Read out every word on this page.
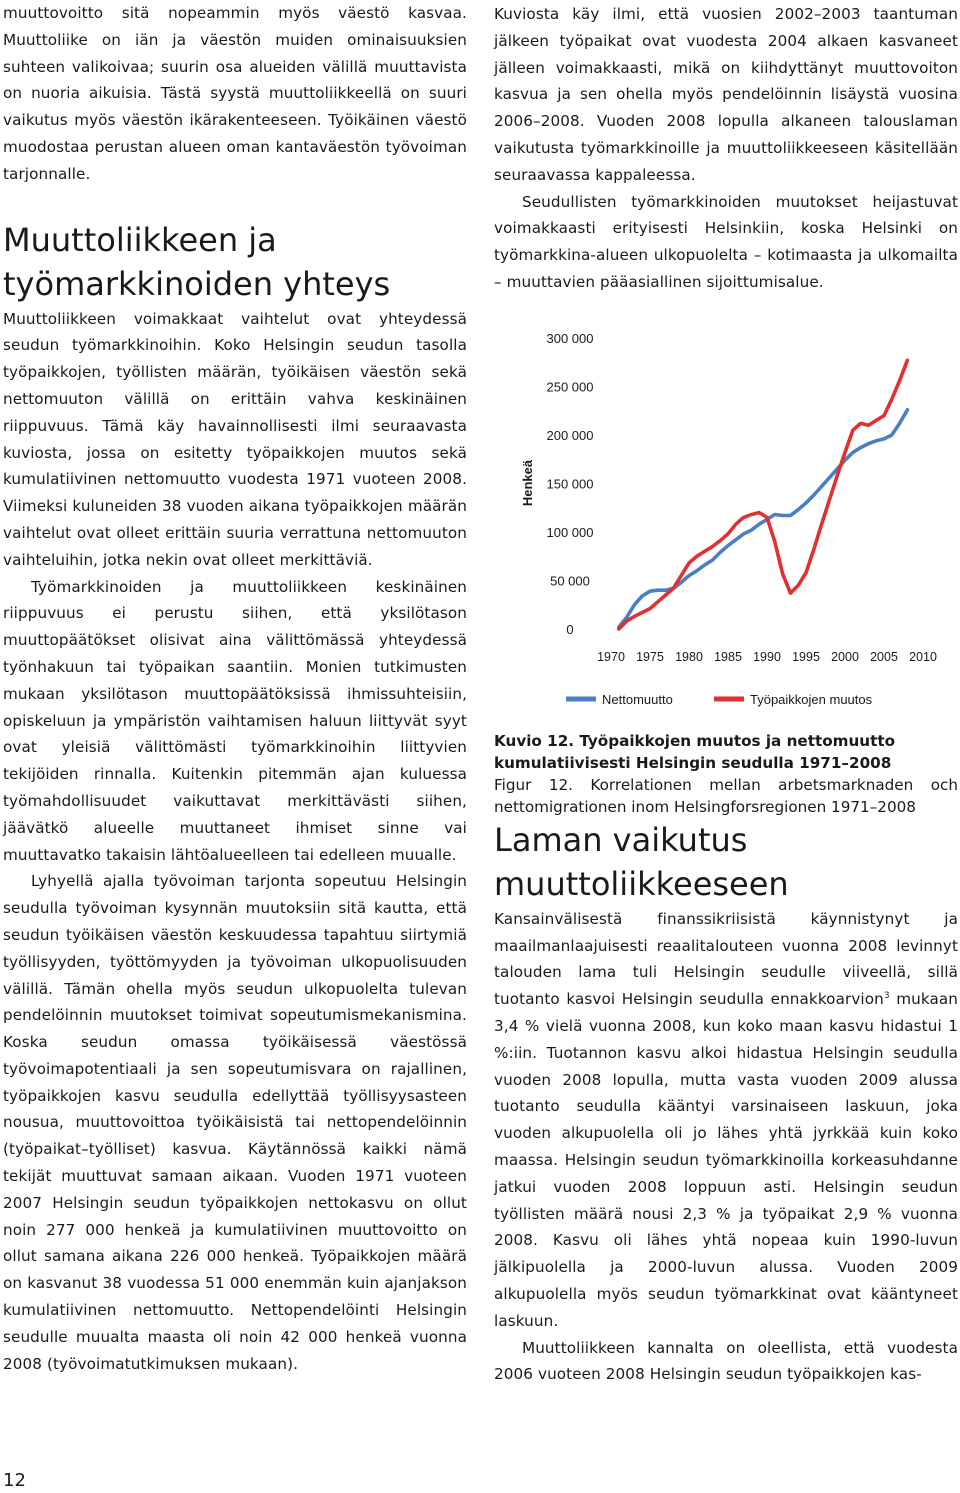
muuttovoitto sitä nopeammin myös väestö kasvaa. Muuttoliike on iän ja väestön muiden ominaisuuksien suhteen valikoivaa; suurin osa alueiden välillä muuttavista on nuoria aikuisia. Tästä syystä muuttoliikkeellä on suuri vaikutus myös väestön ikärakenteeseen. Työikäinen väestö muodostaa perustan alueen oman kantaväestön työvoiman tarjonnalle.

Muuttoliikkeen ja työmarkkinoiden yhteys

Muuttoliikkeen voimakkaat vaihtelut ovat yhteydessä seudun työmarkkinoihin. Koko Helsingin seudun tasolla työpaikkojen, työllisten määrän, työikäisen väestön sekä nettomuuton välillä on erittäin vahva keskinäinen riippuvuus. Tämä käy havainnollisesti ilmi seuraavasta kuviosta, jossa on esitetty työpaikkojen muutos sekä kumulatiivinen nettomuutto vuodesta 1971 vuoteen 2008. Viimeksi kuluneiden 38 vuoden aikana työpaikkojen määrän vaihtelut ovat olleet erittäin suuria verrattuna nettomuuton vaihteluihin, jotka nekin ovat olleet merkittäviä.

Työmarkkinoiden ja muuttoliikkeen keskinäinen riippuvuus ei perustu siihen, että yksilötason muuttopäätökset olisivat aina välittömässä yhteydessä työnhakuun tai työpaikan saantiin. Monien tutkimusten mukaan yksilötason muuttopäätöksissä ihmissuhteisiin, opiskeluun ja ympäristön vaihtamisen haluun liittyvät syyt ovat yleisiä välittömästi työmarkkinoihin liittyvien tekijöiden rinnalla. Kuitenkin pitemmän ajan kuluessa työmahdollisuudet vaikuttavat merkittävästi siihen, jäävätkö alueelle muuttaneet ihmiset sinne vai muuttavatko takaisin lähtöalueelleen tai edelleen muualle.

Lyhyellä ajalla työvoiman tarjonta sopeutuu Helsingin seudulla työvoiman kysynnän muutoksiin sitä kautta, että seudun työikäisen väestön keskuudessa tapahtuu siirtymiä työllisyyden, työttömyyden ja työvoiman ulkopuolisuuden välillä. Tämän ohella myös seudun ulkopuolelta tulevan pendelöinnin muutokset toimivat sopeutumismekanismina. Koska seudun omassa työikäisessä väestössä työvoimapotentiaali ja sen sopeutumisvara on rajallinen, työpaikkojen kasvu seudulla edellyttää työllisyysasteen nousua, muuttovoittoa työikäisistä tai nettopendelöinnin (työpaikat–työlliset) kasvua. Käytännössä kaikki nämä tekijät muuttuvat samaan aikaan. Vuoden 1971 vuoteen 2007 Helsingin seudun työpaikkojen nettokasvu on ollut noin 277 000 henkeä ja kumulatiivinen muuttovoitto on ollut samana aikana 226 000 henkeä. Työpaikkojen määrä on kasvanut 38 vuodessa 51 000 enemmän kuin ajanjakson kumulatiivinen nettomuutto. Nettopendelöinti Helsingin seudulle muualta maasta oli noin 42 000 henkeä vuonna 2008 (työvoimatutkimuksen mukaan).

Kuviosta käy ilmi, että vuosien 2002–2003 taantuman jälkeen työpaikat ovat vuodesta 2004 alkaen kasvaneet jälleen voimakkaasti, mikä on kiihdyttänyt muuttovoiton kasvua ja sen ohella myös pendelöinnin lisäystä vuosina 2006–2008. Vuoden 2008 lopulla alkaneen talouslaman vaikutusta työmarkkinoille ja muuttoliikkeeseen käsitellään seuraavassa kappaleessa.

Seudullisten työmarkkinoiden muutokset heijastuvat voimakkaasti erityisesti Helsinkiin, koska Helsinki on työmarkkina-alueen ulkopuolelta – kotimaasta ja ulkomailta – muuttavien pääasiallinen sijoittumisalue.

0
50 000
100 000
150 000
200 000
250 000
300 000
1970 1975 1980 1985 1990 1995 2000 2005 2010
Henkeä
Nettomuutto	Työpaikkojen muutos
Kuvio 12. Työpaikkojen muutos ja nettomuutto kumulatiivisesti Helsingin seudulla 1971–2008
Figur 12. Korrelationen mellan arbetsmarknaden och nettomigrationen inom Helsingforsregionen 1971–2008
Laman vaikutus muuttoliikkeeseen

Kansainvälisestä finanssikriisistä käynnistynyt ja maailmanlaajuisesti reaalitalouteen vuonna 2008 levinnyt talouden lama tuli Helsingin seudulle viiveellä, sillä tuotanto kasvoi Helsingin seudulla ennakkoarvion$^3$ mukaan 3,4 % vielä vuonna 2008, kun koko maan kasvu hidastui 1 %:iin. Tuotannon kasvu alkoi hidastua Helsingin seudulla vuoden 2008 lopulla, mutta vasta vuoden 2009 alussa tuotanto seudulla kääntyi varsinaiseen laskuun, joka vuoden alkupuolella oli jo lähes yhtä jyrkkää kuin koko maassa. Helsingin seudun työmarkkinoilla korkeasuhdanne jatkui vuoden 2008 loppuun asti. Helsingin seudun työllisten määrä nousi 2,3 % ja työpaikat 2,9 % vuonna 2008. Kasvu oli lähes yhtä nopeaa kuin 1990-luvun jälkipuolella ja 2000-luvun alussa. Vuoden 2009 alkupuolella myös seudun työmarkkinat ovat kääntyneet laskuun.

Muuttoliikkeen kannalta on oleellista, että vuodesta 2006 vuoteen 2008 Helsingin seudun työpaikkojen kas-

12
